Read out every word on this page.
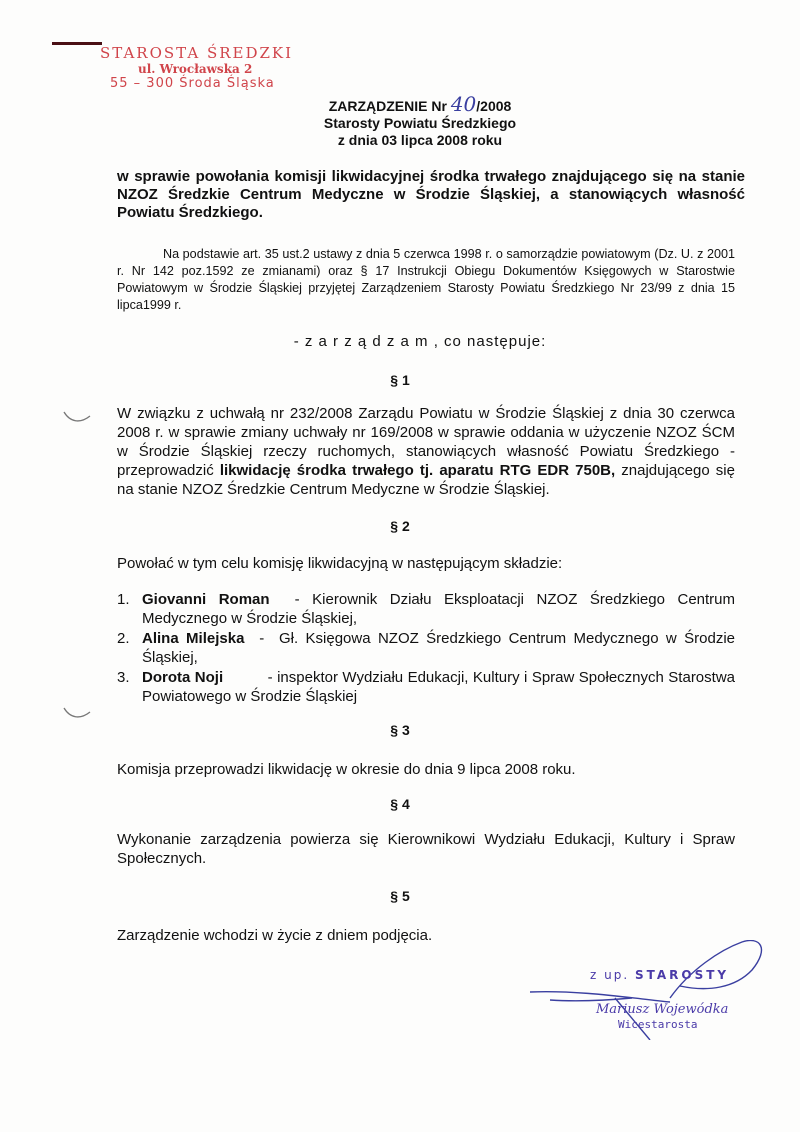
STAROSTA ŚREDZKI
ul. Wrocławska 2
55 – 300 Środa Śląska
ZARZĄDZENIE Nr 40/2008
Starosty Powiatu Średzkiego
z dnia 03 lipca 2008 roku
w sprawie powołania komisji likwidacyjnej środka trwałego znajdującego się na stanie NZOZ Średzkie Centrum Medyczne w Środzie Śląskiej, a stanowiących własność Powiatu Średzkiego.
Na podstawie art. 35 ust.2 ustawy z dnia 5 czerwca 1998 r. o samorządzie powiatowym (Dz. U. z 2001 r. Nr 142 poz.1592 ze zmianami) oraz § 17 Instrukcji Obiegu Dokumentów Księgowych w Starostwie Powiatowym w Środzie Śląskiej przyjętej Zarządzeniem Starosty Powiatu Średzkiego Nr 23/99 z dnia 15 lipca1999 r.
- z a r z ą d z a m , co następuje:
§ 1
W związku z uchwałą nr 232/2008 Zarządu Powiatu w Środzie Śląskiej z dnia 30 czerwca 2008 r. w sprawie zmiany uchwały nr 169/2008 w sprawie oddania w użyczenie NZOZ ŚCM w Środzie Śląskiej rzeczy ruchomych, stanowiących własność Powiatu Średzkiego -przeprowadzić likwidację środka trwałego tj. aparatu RTG EDR 750B, znajdującego się na stanie NZOZ Średzkie Centrum Medyczne w Środzie Śląskiej.
§ 2
Powołać w tym celu komisję likwidacyjną w następującym składzie:
1. Giovanni Roman  - Kierownik Działu Eksploatacji NZOZ Średzkiego Centrum Medycznego w Środzie Śląskiej,
2. Alina Milejska  -  Gł. Księgowa NZOZ Średzkiego Centrum Medycznego w Środzie Śląskiej,
3. Dorota Noji          - inspektor Wydziału Edukacji, Kultury i Spraw Społecznych Starostwa Powiatowego w Środzie Śląskiej
§ 3
Komisja przeprowadzi likwidację w okresie do dnia 9 lipca 2008 roku.
§ 4
Wykonanie zarządzenia powierza się Kierownikowi Wydziału Edukacji, Kultury i Spraw Społecznych.
§ 5
Zarządzenie wchodzi w życie z dniem podjęcia.
z up. STAROSTY
Mariusz Wojewódka
Wicestarosta
